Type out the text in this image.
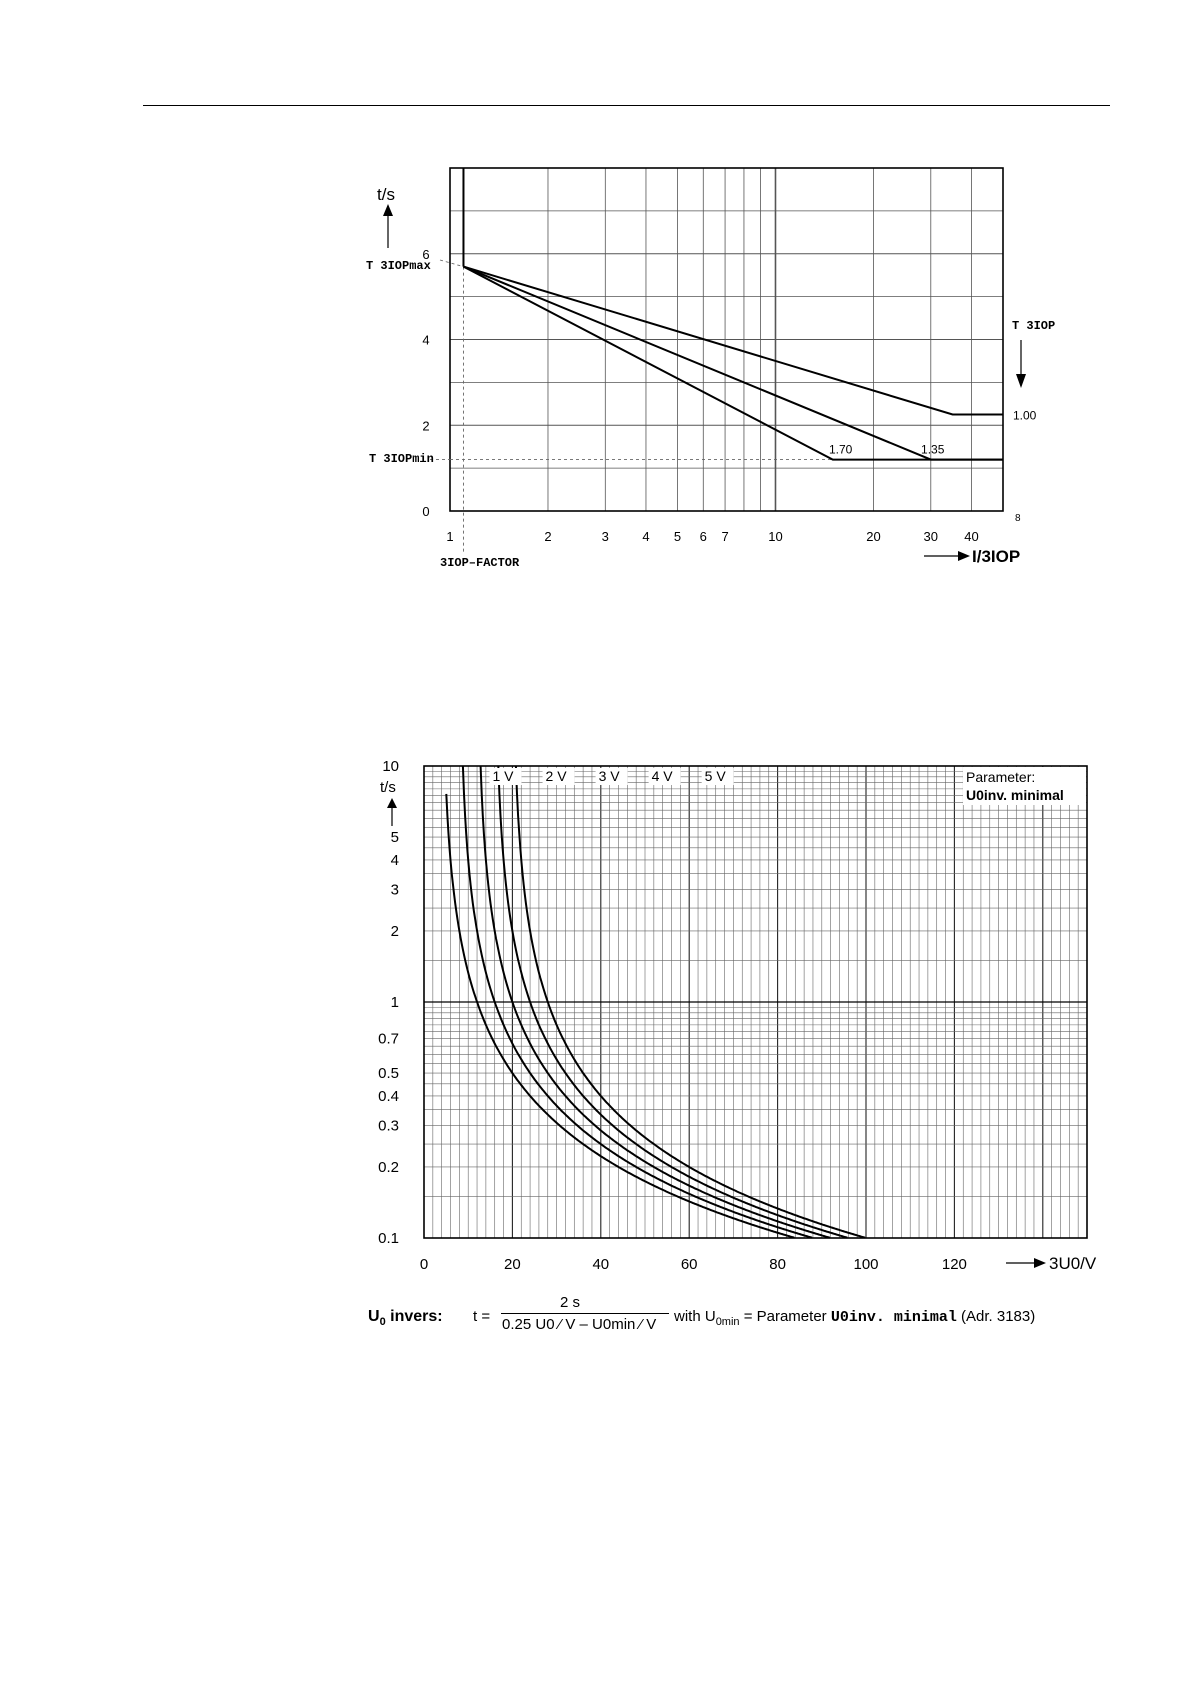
1.00
1.35
1.70
0
2
4
6
1	2	3	4 5 6 7	10	20	30 40
8
t/s
I/3IOP
T 3IOPmax
T 3IOPmin
3IOP–FACTOR
T 3IOP
1 V 2 V 3 V 4 V 5 V	Parameter:
U0inv. minimal
0.1
0.2
0.3
0.4
0.5
0.7
1
2
3
4
5
10
0	20	40	60	80	100	120
t/s
3U0/V
$U_0$ invers: t =
2 s
0.25 U0 ⁄ V – U0min ⁄ V with $U_{0min}$ = Parameter U0inv. minimal (Adr. 3183)
